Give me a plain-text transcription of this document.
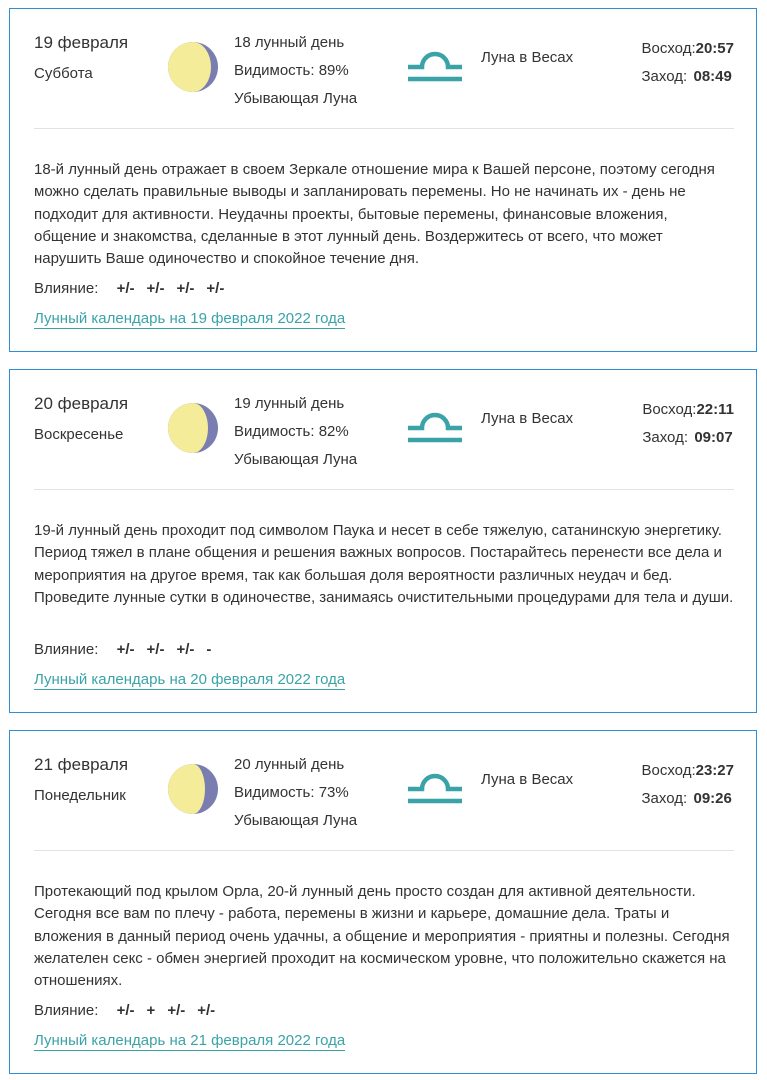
19 февраля
Суббота
18 лунный день
Видимость: 89%
Убывающая Луна
Луна в Весах
Восход:20:57
Заход: 08:49
18-й лунный день отражает в своем Зеркале отношение мира к Вашей персоне, поэтому сегодня можно сделать правильные выводы и запланировать перемены. Но не начинать их - день не подходит для активности. Неудачны проекты, бытовые перемены, финансовые вложения, общение и знакомства, сделанные в этот лунный день. Воздержитесь от всего, что может нарушить Ваше одиночество и спокойное течение дня.
Влияние: +/- +/- +/- +/-
Лунный календарь на 19 февраля 2022 года
20 февраля
Воскресенье
19 лунный день
Видимость: 82%
Убывающая Луна
Луна в Весах
Восход:22:11
Заход: 09:07
19-й лунный день проходит под символом Паука и несет в себе тяжелую, сатанинскую энергетику. Период тяжел в плане общения и решения важных вопросов. Постарайтесь перенести все дела и мероприятия на другое время, так как большая доля вероятности различных неудач и бед. Проведите лунные сутки в одиночестве, занимаясь очистительными процедурами для тела и души.
Влияние: +/- +/- +/- -
Лунный календарь на 20 февраля 2022 года
21 февраля
Понедельник
20 лунный день
Видимость: 73%
Убывающая Луна
Луна в Весах
Восход:23:27
Заход: 09:26
Протекающий под крылом Орла, 20-й лунный день просто создан для активной деятельности. Сегодня все вам по плечу - работа, перемены в жизни и карьере, домашние дела. Траты и вложения в данный период очень удачны, а общение и мероприятия - приятны и полезны. Сегодня желателен секс - обмен энергией проходит на космическом уровне, что положительно скажется на отношениях.
Влияние: +/- + +/- +/-
Лунный календарь на 21 февраля 2022 года
